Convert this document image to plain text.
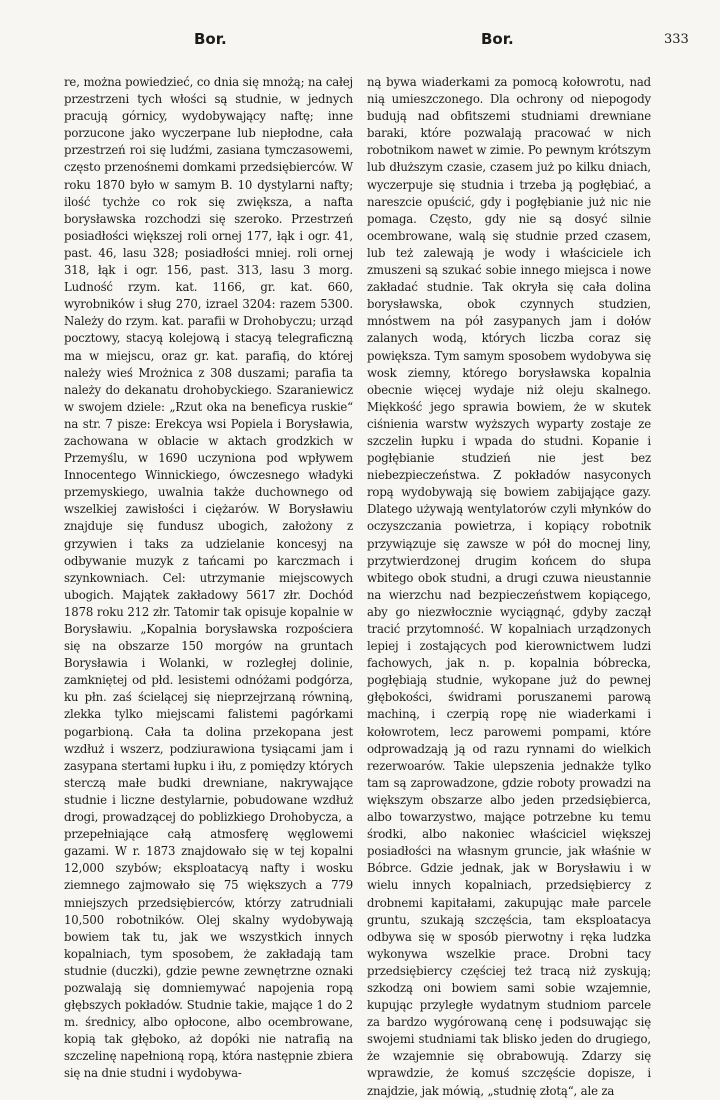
Bor.	Bor.	333

re, można powiedzieć, co dnia się mnożą; na całej przestrzeni tych włości są studnie, w jednych pracują górnicy, wydobywający naftę; inne porzucone jako wyczerpane lub niepłodne, cała przestrzeń roi się ludźmi, zasiana tymczasowemi, często przenośnemi domkami przedsiębierców. W roku 1870 było w samym B. 10 dystylarni nafty; ilość tychże co rok się zwiększa, a nafta borysławska rozchodzi się szeroko. Przestrzeń posiadłości większej roli ornej 177, łąk i ogr. 41, past. 46, lasu 328; posiadłości mniej. roli ornej 318, łąk i ogr. 156, past. 313, lasu 3 morg. Ludność rzym. kat. 1166, gr. kat. 660, wyrobników i sług 270, izrael 3204: razem 5300. Należy do rzym. kat. parafii w Drohobyczu; urząd pocztowy, stacyą kolejową i stacyą telegraficzną ma w miejscu, oraz gr. kat. parafią, do której należy wieś Mrożnica z 308 duszami; parafia ta należy do dekanatu drohobyckiego. Szaraniewicz w swojem dziele: „Rzut oka na beneficya ruskie“ na str. 7 pisze: Erekcya wsi Popiela i Borysławia, zachowana w oblacie w aktach grodzkich w Przemyślu, w 1690 uczyniona pod wpływem Innocentego Winnickiego, ówczesnego władyki przemyskiego, uwalnia także duchownego od wszelkiej zawisłości i ciężarów. W Borysławiu znajduje się fundusz ubogich, założony z grzywien i taks za udzielanie koncesyj na odbywanie muzyk z tańcami po karczmach i szynkowniach. Cel: utrzymanie miejscowych ubogich. Majątek zakładowy 5617 złr. Dochód 1878 roku 212 złr. Tatomir tak opisuje kopalnie w Borysławiu. „Kopalnia borysławska rozpościera się na obszarze 150 morgów na gruntach Borysławia i Wolanki, w rozległej dolinie, zamkniętej od płd. lesistemi odnóżami podgórza, ku płn. zaś ścielącej się nieprzejrzaną równiną, zlekka tylko miejscami falistemi pagórkami pogarbioną. Cała ta dolina przekopana jest wzdłuż i wszerz, podziurawiona tysiącami jam i zasypana stertami łupku i iłu, z pomiędzy których sterczą małe budki drewniane, nakrywające studnie i liczne destylarnie, pobudowane wzdłuż drogi, prowadzącej do poblizkiego Drohobycza, a przepełniające całą atmosferę węglowemi gazami. W r. 1873 znajdowało się w tej kopalni 12,000 szybów; eksploatacyą nafty i wosku ziemnego zajmowało się 75 większych a 779 mniejszych przedsiębierców, którzy zatrudniali 10,500 robotników. Olej skalny wydobywają bowiem tak tu, jak we wszystkich innych kopalniach, tym sposobem, że zakładają tam studnie (duczki), gdzie pewne zewnętrzne oznaki pozwalają się domniemywać napojenia ropą głębszych pokładów. Studnie takie, mające 1 do 2 m. średnicy, albo opłocone, albo ocembrowane, kopią tak głęboko, aż dopóki nie natrafią na szczelinę napełnioną ropą, która następnie zbiera się na dnie studni i wydobywa-

ną bywa wiaderkami za pomocą kołowrotu, nad nią umieszczonego. Dla ochrony od niepogody budują nad obfitszemi studniami drewniane baraki, które pozwalają pracować w nich robotnikom nawet w zimie. Po pewnym krótszym lub dłuższym czasie, czasem już po kilku dniach, wyczerpuje się studnia i trzeba ją pogłębiać, a nareszcie opuścić, gdy i pogłębianie już nic nie pomaga. Często, gdy nie są dosyć silnie ocembrowane, walą się studnie przed czasem, lub też zalewają je wody i właściciele ich zmuszeni są szukać sobie innego miejsca i nowe zakładać studnie. Tak okryła się cała dolina borysławska, obok czynnych studzien, mnóstwem na pół zasypanych jam i dołów zalanych wodą, których liczba coraz się powiększa. Tym samym sposobem wydobywa się wosk ziemny, którego borysławska kopalnia obecnie więcej wydaje niż oleju skalnego. Miękkość jego sprawia bowiem, że w skutek ciśnienia warstw wyższych wyparty zostaje ze szczelin łupku i wpada do studni. Kopanie i pogłębianie studzień nie jest bez niebezpieczeństwa. Z pokładów nasyconych ropą wydobywają się bowiem zabijające gazy. Dlatego używają wentylatorów czyli młynków do oczyszczania powietrza, i kopiący robotnik przywiązuje się zawsze w pół do mocnej liny, przytwierdzonej drugim końcem do słupa wbitego obok studni, a drugi czuwa nieustannie na wierzchu nad bezpieczeństwem kopiącego, aby go niezwłocznie wyciągnąć, gdyby zaczął tracić przytomność. W kopalniach urządzonych lepiej i zostających pod kierownictwem ludzi fachowych, jak n. p. kopalnia bóbrecka, pogłębiają studnie, wykopane już do pewnej głębokości, świdrami poruszanemi parową machiną, i czerpią ropę nie wiaderkami i kołowrotem, lecz parowemi pompami, które odprowadzają ją od razu rynnami do wielkich rezerwoarów. Takie ulepszenia jednakże tylko tam są zaprowadzone, gdzie roboty prowadzi na większym obszarze albo jeden przedsiębierca, albo towarzystwo, mające potrzebne ku temu środki, albo nakoniec właściciel większej posiadłości na własnym gruncie, jak właśnie w Bóbrce. Gdzie jednak, jak w Borysławiu i w wielu innych kopalniach, przedsiębiercy z drobnemi kapitałami, zakupując małe parcele gruntu, szukają szczęścia, tam eksploatacya odbywa się w sposób pierwotny i ręka ludzka wykonywa wszelkie prace. Drobni tacy przedsiębiercy częściej też tracą niż zyskują; szkodzą oni bowiem sami sobie wzajemnie, kupując przyległe wydatnym studniom parcele za bardzo wygórowaną cenę i podsuwając się swojemi studniami tak blisko jeden do drugiego, że wzajemnie się obrabowują. Zdarzy się wprawdzie, że komuś szczęście dopisze, i znajdzie, jak mówią, „studnię złotą“, ale za
